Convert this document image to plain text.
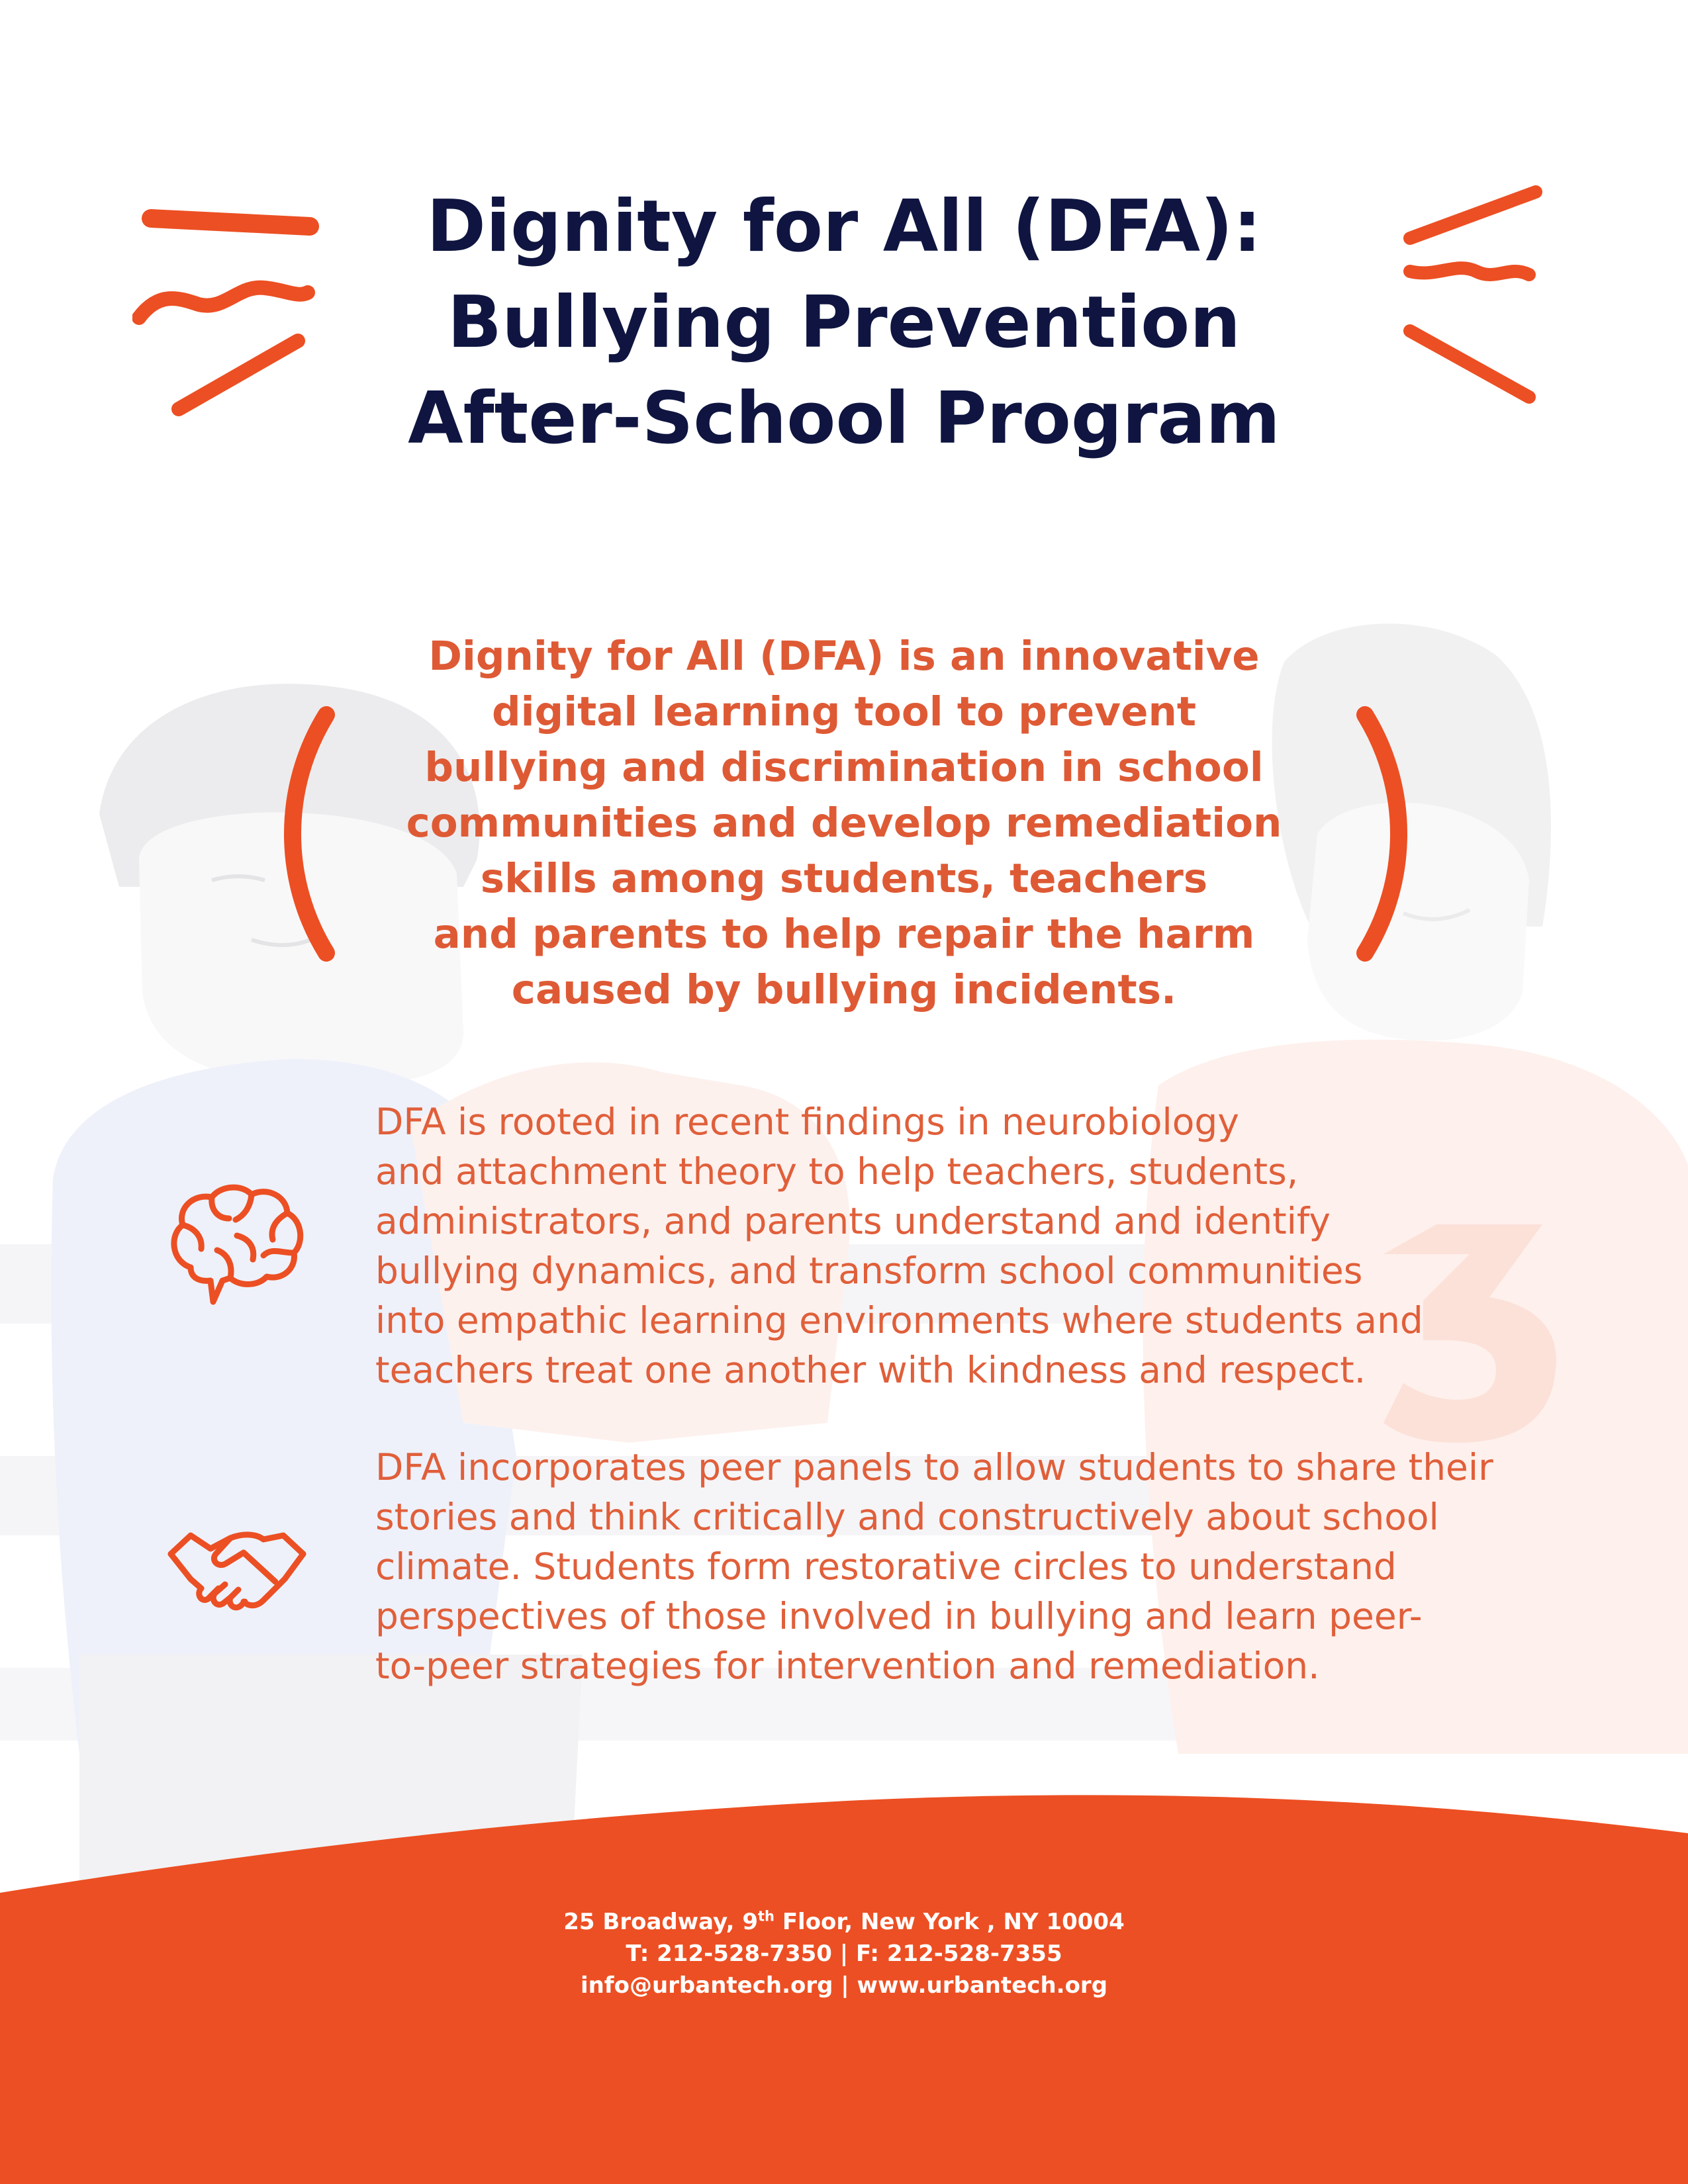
Dignity for All (DFA):
Bullying Prevention
After-School Program
Dignity for All (DFA) is an innovative
digital learning tool to prevent
bullying and discrimination in school
communities and develop remediation
skills among students, teachers
and parents to help repair the harm
caused by bullying incidents.
DFA is rooted in recent findings in neurobiology
and attachment theory to help teachers, students,
administrators, and parents understand and identify
bullying dynamics, and transform school communities
into empathic learning environments where students and
teachers treat one another with kindness and respect.
DFA incorporates peer panels to allow students to share their
stories and think critically and constructively about school
climate. Students form restorative circles to understand
perspectives of those involved in bullying and learn peer-
to-peer strategies for intervention and remediation.
25 Broadway, 9th Floor, New York , NY 10004
T: 212-528-7350 | F: 212-528-7355
info@urbantech.org | www.urbantech.org
